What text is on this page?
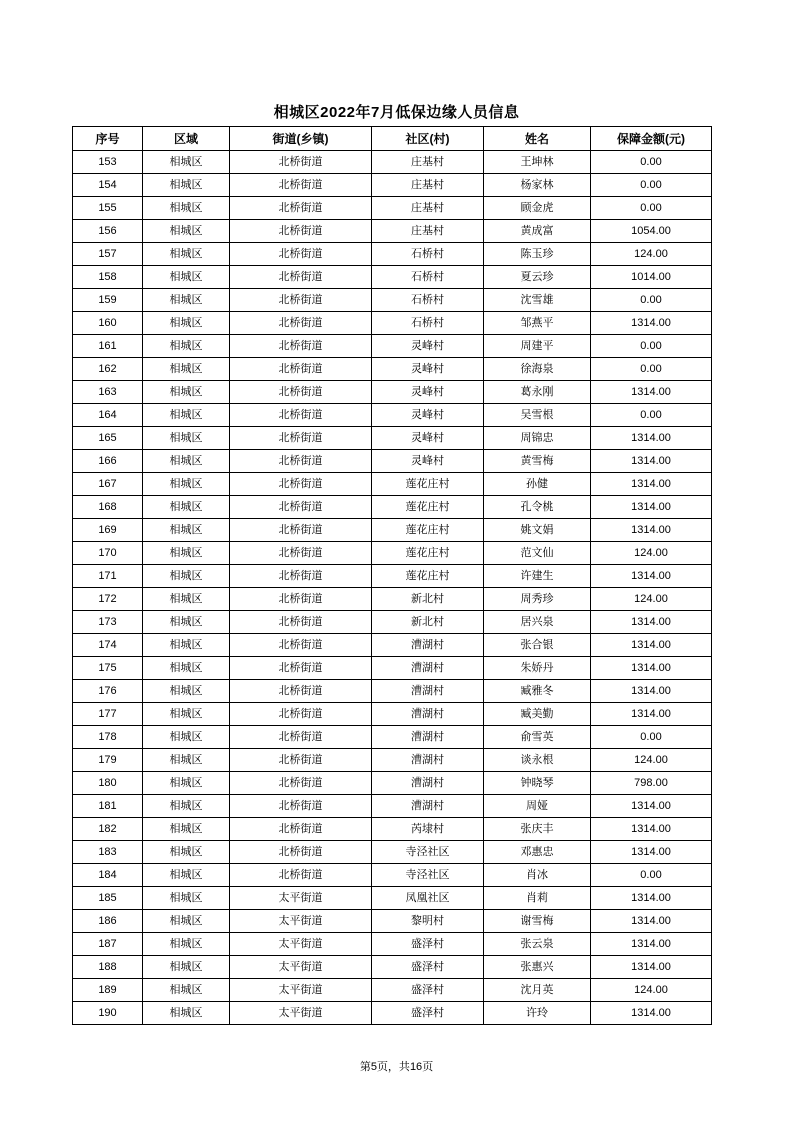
相城区2022年7月低保边缘人员信息
序号	区域	街道(乡镇)	社区(村)	姓名	保障金额(元)
153	相城区	北桥街道	庄基村	王坤林	0.00
154	相城区	北桥街道	庄基村	杨家林	0.00
155	相城区	北桥街道	庄基村	顾金虎	0.00
156	相城区	北桥街道	庄基村	黄成富	1054.00
157	相城区	北桥街道	石桥村	陈玉珍	124.00
158	相城区	北桥街道	石桥村	夏云珍	1014.00
159	相城区	北桥街道	石桥村	沈雪雄	0.00
160	相城区	北桥街道	石桥村	邹燕平	1314.00
161	相城区	北桥街道	灵峰村	周建平	0.00
162	相城区	北桥街道	灵峰村	徐海泉	0.00
163	相城区	北桥街道	灵峰村	葛永刚	1314.00
164	相城区	北桥街道	灵峰村	吴雪根	0.00
165	相城区	北桥街道	灵峰村	周锦忠	1314.00
166	相城区	北桥街道	灵峰村	黄雪梅	1314.00
167	相城区	北桥街道	莲花庄村	孙健	1314.00
168	相城区	北桥街道	莲花庄村	孔令桃	1314.00
169	相城区	北桥街道	莲花庄村	姚文娟	1314.00
170	相城区	北桥街道	莲花庄村	范文仙	124.00
171	相城区	北桥街道	莲花庄村	许建生	1314.00
172	相城区	北桥街道	新北村	周秀珍	124.00
173	相城区	北桥街道	新北村	居兴泉	1314.00
174	相城区	北桥街道	漕湖村	张合银	1314.00
175	相城区	北桥街道	漕湖村	朱娇丹	1314.00
176	相城区	北桥街道	漕湖村	臧雅冬	1314.00
177	相城区	北桥街道	漕湖村	臧美勤	1314.00
178	相城区	北桥街道	漕湖村	俞雪英	0.00
179	相城区	北桥街道	漕湖村	谈永根	124.00
180	相城区	北桥街道	漕湖村	钟晓琴	798.00
181	相城区	北桥街道	漕湖村	周娅	1314.00
182	相城区	北桥街道	芮埭村	张庆丰	1314.00
183	相城区	北桥街道	寺泾社区	邓惠忠	1314.00
184	相城区	北桥街道	寺泾社区	肖冰	0.00
185	相城区	太平街道	凤凰社区	肖莉	1314.00
186	相城区	太平街道	黎明村	谢雪梅	1314.00
187	相城区	太平街道	盛泽村	张云泉	1314.00
188	相城区	太平街道	盛泽村	张惠兴	1314.00
189	相城区	太平街道	盛泽村	沈月英	124.00
190	相城区	太平街道	盛泽村	许玲	1314.00
第5页，共16页
